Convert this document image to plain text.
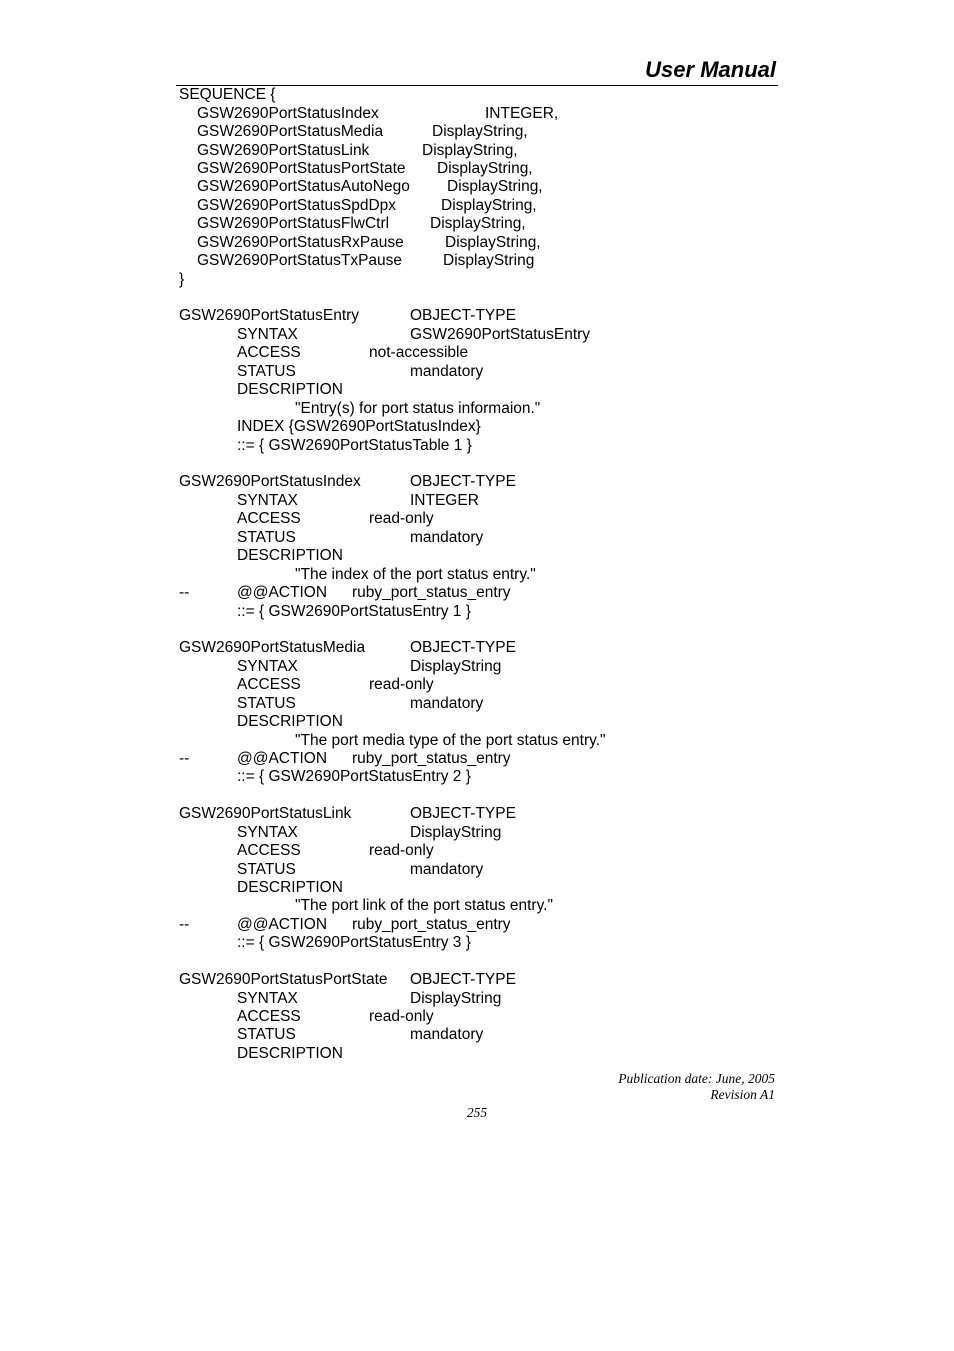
User Manual
SEQUENCE {
GSW2690PortStatusIndex	INTEGER,
GSW2690PortStatusMedia	DisplayString,
GSW2690PortStatusLink	DisplayString,
GSW2690PortStatusPortState DisplayString,
GSW2690PortStatusAutoNego DisplayString,
GSW2690PortStatusSpdDpx	DisplayString,
GSW2690PortStatusFlwCtrl	DisplayString,
GSW2690PortStatusRxPause	DisplayString,
GSW2690PortStatusTxPause	DisplayString
}
GSW2690PortStatusEntry	OBJECT-TYPE
SYNTAX	GSW2690PortStatusEntry
ACCESS	not-accessible
STATUS	mandatory
DESCRIPTION
"Entry(s) for port status informaion."
INDEX {GSW2690PortStatusIndex}
::= { GSW2690PortStatusTable 1 }
GSW2690PortStatusIndex	OBJECT-TYPE
SYNTAX	INTEGER
ACCESS	read-only
STATUS	mandatory
DESCRIPTION
"The index of the port status entry."
--	@@ACTION ruby_port_status_entry
::= { GSW2690PortStatusEntry 1 }
GSW2690PortStatusMedia	OBJECT-TYPE
SYNTAX	DisplayString
ACCESS	read-only
STATUS	mandatory
DESCRIPTION
"The port media type of the port status entry."
--	@@ACTION ruby_port_status_entry
::= { GSW2690PortStatusEntry 2 }
GSW2690PortStatusLink	OBJECT-TYPE
SYNTAX	DisplayString
ACCESS	read-only
STATUS	mandatory
DESCRIPTION
"The port link of the port status entry."
--	@@ACTION ruby_port_status_entry
::= { GSW2690PortStatusEntry 3 }
GSW2690PortStatusPortState OBJECT-TYPE
SYNTAX	DisplayString
ACCESS	read-only
STATUS	mandatory
DESCRIPTION
Publication date: June, 2005
Revision A1
255
